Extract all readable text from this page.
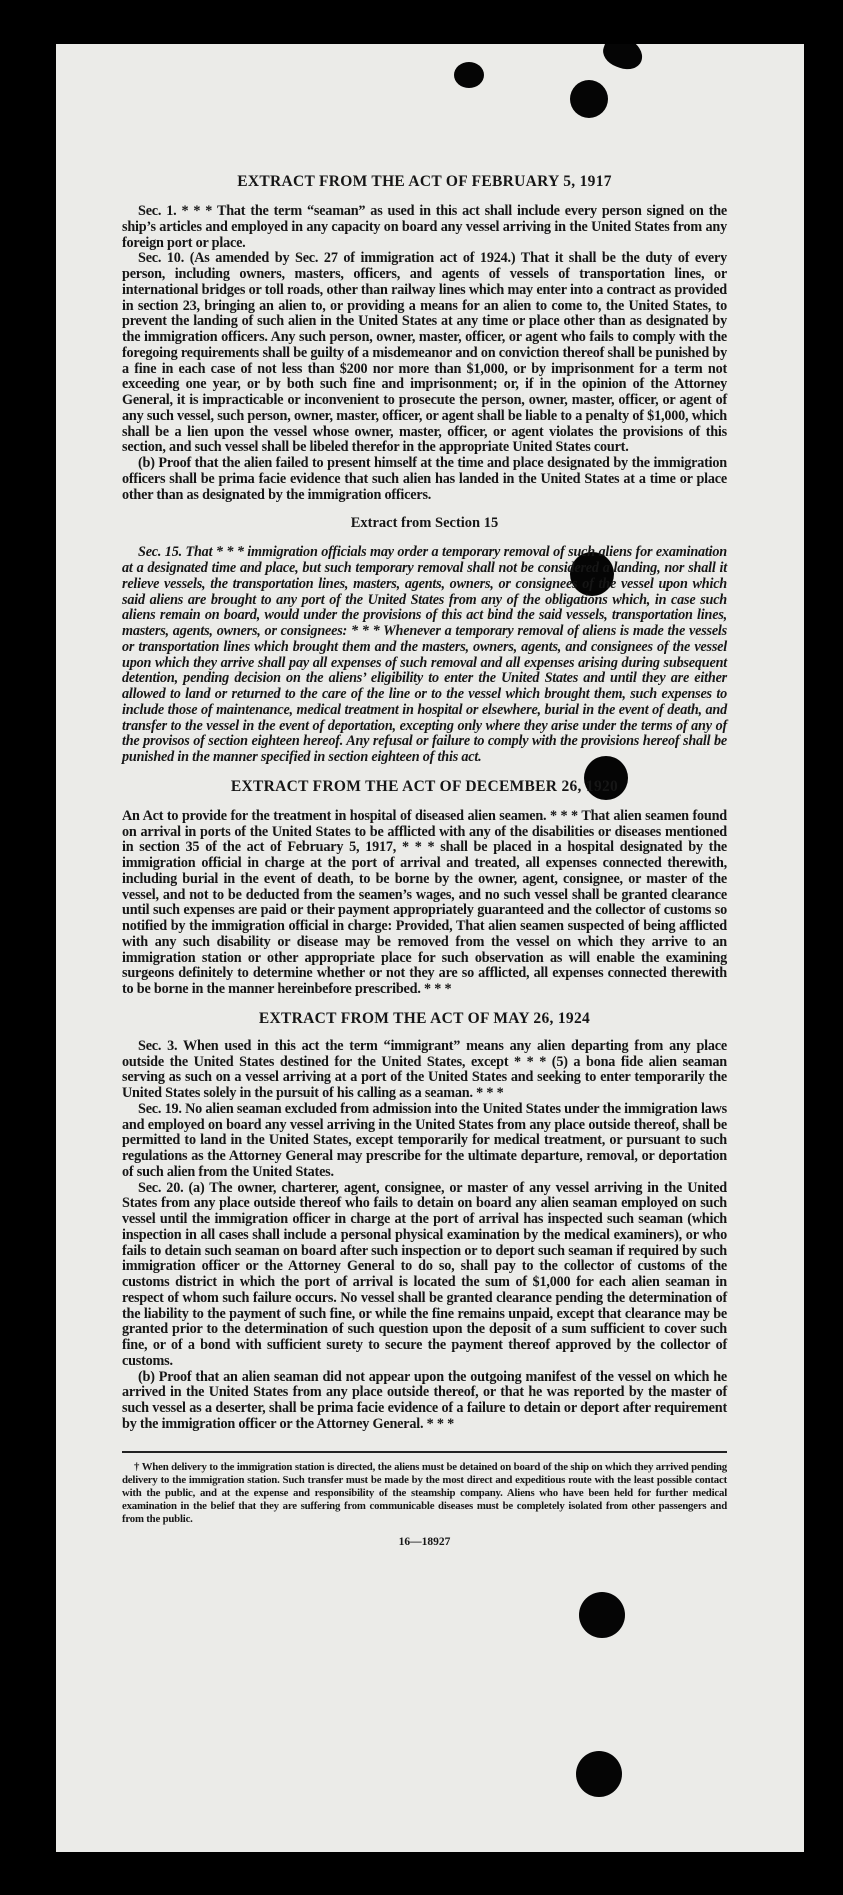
EXTRACT FROM THE ACT OF FEBRUARY 5, 1917

Sec. 1. * * * That the term “seaman” as used in this act shall include every person signed on the ship’s articles and employed in any capacity on board any vessel arriving in the United States from any foreign port or place.

Sec. 10. (As amended by Sec. 27 of immigration act of 1924.) That it shall be the duty of every person, including owners, masters, officers, and agents of vessels of transportation lines, or international bridges or toll roads, other than railway lines which may enter into a contract as provided in section 23, bringing an alien to, or providing a means for an alien to come to, the United States, to prevent the landing of such alien in the United States at any time or place other than as designated by the immigration officers. Any such person, owner, master, officer, or agent who fails to comply with the foregoing requirements shall be guilty of a misdemeanor and on conviction thereof shall be punished by a fine in each case of not less than $200 nor more than $1,000, or by imprisonment for a term not exceeding one year, or by both such fine and imprisonment; or, if in the opinion of the Attorney General, it is impracticable or inconvenient to prosecute the person, owner, master, officer, or agent of any such vessel, such person, owner, master, officer, or agent shall be liable to a penalty of $1,000, which shall be a lien upon the vessel whose owner, master, officer, or agent violates the provisions of this section, and such vessel shall be libeled therefor in the appropriate United States court.

(b) Proof that the alien failed to present himself at the time and place designated by the immigration officers shall be prima facie evidence that such alien has landed in the United States at a time or place other than as designated by the immigration officers.

Extract from Section 15

Sec. 15. That * * * immigration officials may order a temporary removal of such aliens for examination at a designated time and place, but such temporary removal shall not be considered a landing, nor shall it relieve vessels, the transportation lines, masters, agents, owners, or consignees of the vessel upon which said aliens are brought to any port of the United States from any of the obligations which, in case such aliens remain on board, would under the provisions of this act bind the said vessels, transportation lines, masters, agents, owners, or consignees: * * * Whenever a temporary removal of aliens is made the vessels or transportation lines which brought them and the masters, owners, agents, and consignees of the vessel upon which they arrive shall pay all expenses of such removal and all expenses arising during subsequent detention, pending decision on the aliens’ eligibility to enter the United States and until they are either allowed to land or returned to the care of the line or to the vessel which brought them, such expenses to include those of maintenance, medical treatment in hospital or elsewhere, burial in the event of death, and transfer to the vessel in the event of deportation, excepting only where they arise under the terms of any of the provisos of section eighteen hereof. Any refusal or failure to comply with the provisions hereof shall be punished in the manner specified in section eighteen of this act.

EXTRACT FROM THE ACT OF DECEMBER 26, 1920

An Act to provide for the treatment in hospital of diseased alien seamen. * * * That alien seamen found on arrival in ports of the United States to be afflicted with any of the disabilities or diseases mentioned in section 35 of the act of February 5, 1917, * * * shall be placed in a hospital designated by the immigration official in charge at the port of arrival and treated, all expenses connected therewith, including burial in the event of death, to be borne by the owner, agent, consignee, or master of the vessel, and not to be deducted from the seamen’s wages, and no such vessel shall be granted clearance until such expenses are paid or their payment appropriately guaranteed and the collector of customs so notified by the immigration official in charge: Provided, That alien seamen suspected of being afflicted with any such disability or disease may be removed from the vessel on which they arrive to an immigration station or other appropriate place for such observation as will enable the examining surgeons definitely to determine whether or not they are so afflicted, all expenses connected therewith to be borne in the manner hereinbefore prescribed. * * *

EXTRACT FROM THE ACT OF MAY 26, 1924

Sec. 3. When used in this act the term “immigrant” means any alien departing from any place outside the United States destined for the United States, except * * * (5) a bona fide alien seaman serving as such on a vessel arriving at a port of the United States and seeking to enter temporarily the United States solely in the pursuit of his calling as a seaman. * * *

Sec. 19. No alien seaman excluded from admission into the United States under the immigration laws and employed on board any vessel arriving in the United States from any place outside thereof, shall be permitted to land in the United States, except temporarily for medical treatment, or pursuant to such regulations as the Attorney General may prescribe for the ultimate departure, removal, or deportation of such alien from the United States.

Sec. 20. (a) The owner, charterer, agent, consignee, or master of any vessel arriving in the United States from any place outside thereof who fails to detain on board any alien seaman employed on such vessel until the immigration officer in charge at the port of arrival has inspected such seaman (which inspection in all cases shall include a personal physical examination by the medical examiners), or who fails to detain such seaman on board after such inspection or to deport such seaman if required by such immigration officer or the Attorney General to do so, shall pay to the collector of customs of the customs district in which the port of arrival is located the sum of $1,000 for each alien seaman in respect of whom such failure occurs. No vessel shall be granted clearance pending the determination of the liability to the payment of such fine, or while the fine remains unpaid, except that clearance may be granted prior to the determination of such question upon the deposit of a sum sufficient to cover such fine, or of a bond with sufficient surety to secure the payment thereof approved by the collector of customs.

(b) Proof that an alien seaman did not appear upon the outgoing manifest of the vessel on which he arrived in the United States from any place outside thereof, or that he was reported by the master of such vessel as a deserter, shall be prima facie evidence of a failure to detain or deport after requirement by the immigration officer or the Attorney General. * * *

† When delivery to the immigration station is directed, the aliens must be detained on board of the ship on which they arrived pending delivery to the immigration station. Such transfer must be made by the most direct and expeditious route with the least possible contact with the public, and at the expense and responsibility of the steamship company. Aliens who have been held for further medical examination in the belief that they are suffering from communicable diseases must be completely isolated from other passengers and from the public.

16—18927
